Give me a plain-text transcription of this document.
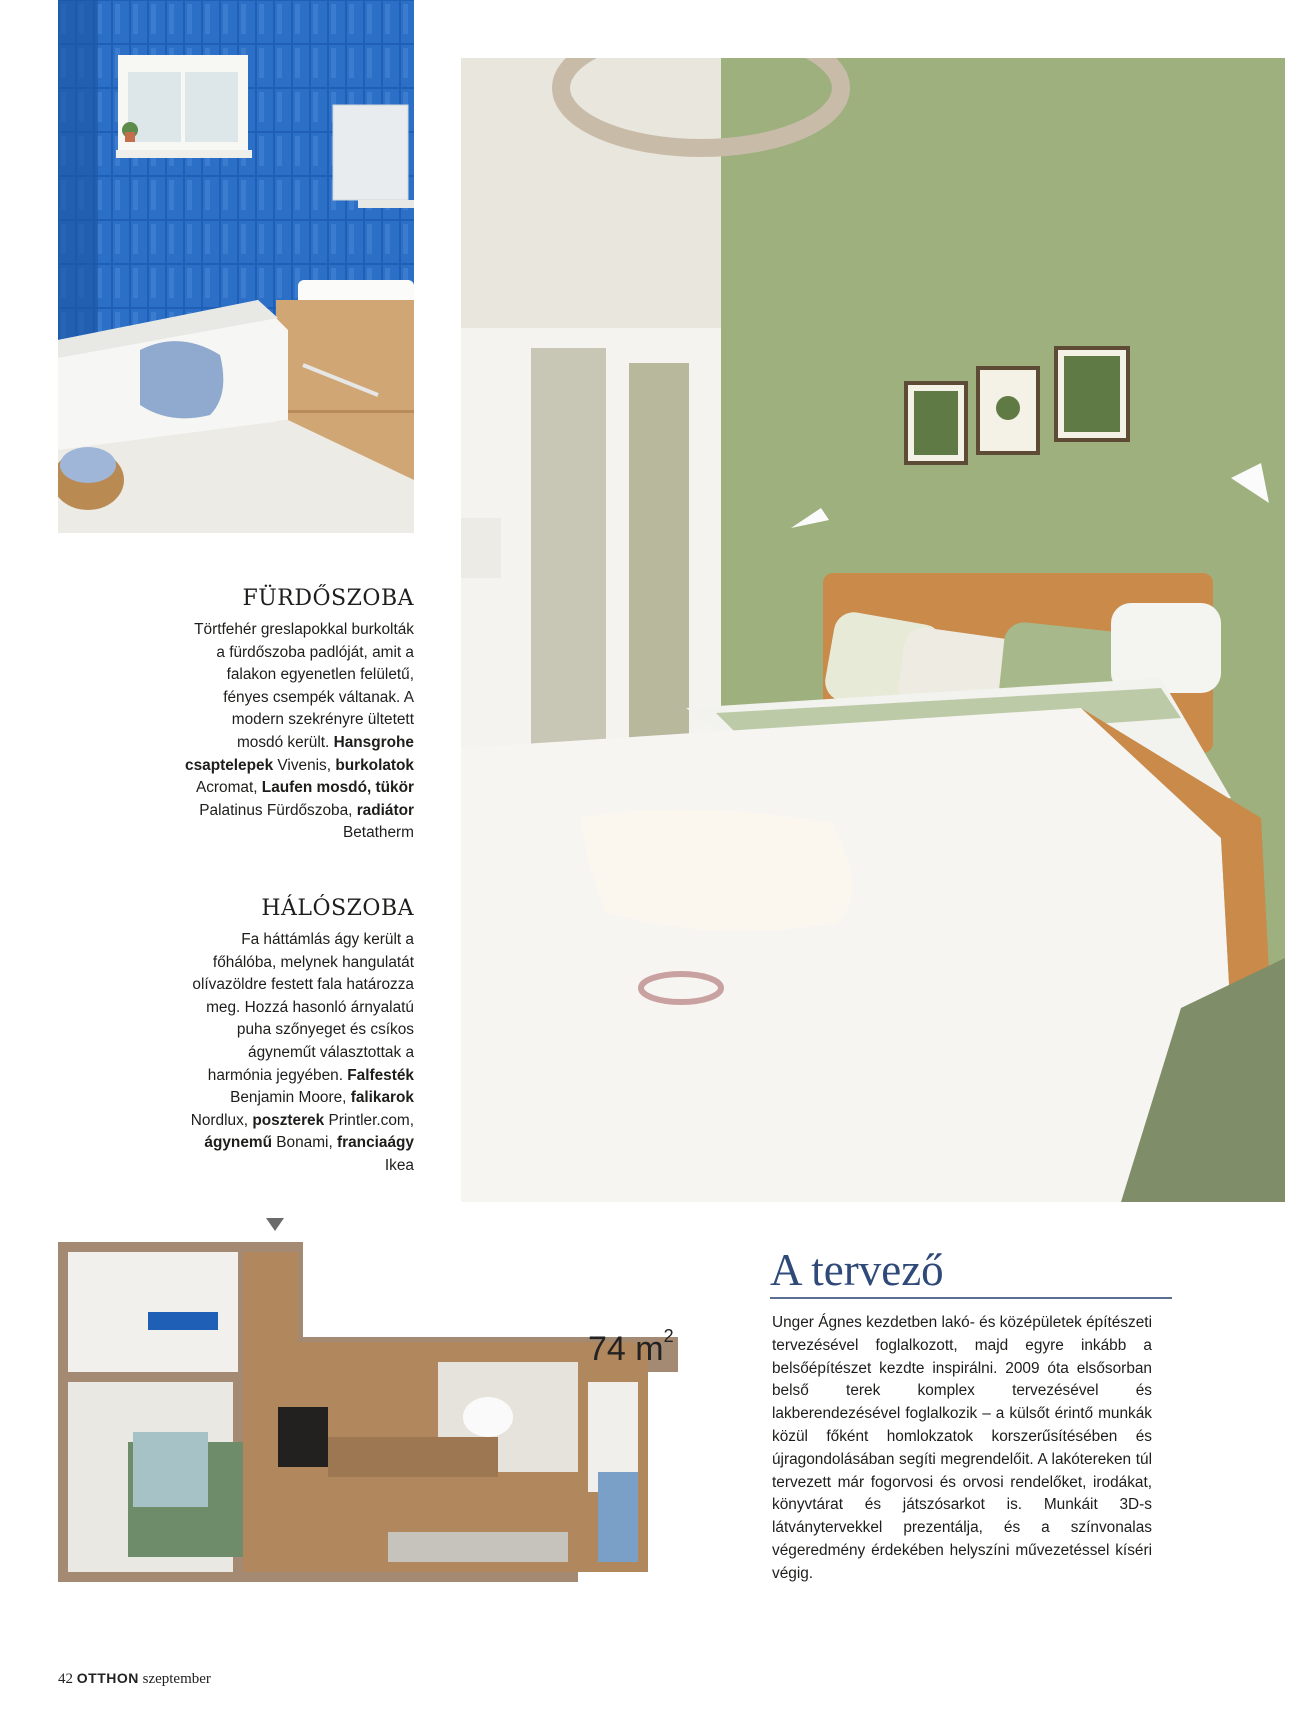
FÜRDŐSZOBA

Törtfehér greslapokkal burkolták a fürdőszoba padlóját, amit a falakon egyenetlen felületű, fényes csempék váltanak. A modern szekrényre ültetett mosdó került. Hansgrohe csaptelepek Vivenis, burkolatok Acromat, Laufen mosdó, tükör Palatinus Fürdőszoba, radiátor Betatherm

HÁLÓSZOBA

Fa háttámlás ágy került a főhálóba, melynek hangulatát olívazöldre festett fala határozza meg. Hozzá hasonló árnyalatú puha szőnyeget és csíkos ágyneműt választottak a harmónia jegyében. Falfesték Benjamin Moore, falikarok Nordlux, poszterek Printler.com, ágynemű Bonami, franciaágy Ikea

74 $m^2$
A tervező
Unger Ágnes kezdetben lakó- és középületek építészeti tervezésével foglalkozott, majd egyre inkább a belsőépítészet kezdte inspirálni. 2009 óta elsősorban belső terek komplex tervezésével és lakberendezésével foglalkozik – a külsőt érintő munkák közül főként homlokzatok korszerűsítésében és újragondolásában segíti megrendelőit. A lakótereken túl tervezett már fogorvosi és orvosi rendelőket, irodákat, könyvtárat és játszósarkot is. Munkáit 3D-s látványtervekkel prezentálja, és a színvonalas végeredmény érdekében helyszíni művezetéssel kíséri végig.
42 OTTHON szeptember
